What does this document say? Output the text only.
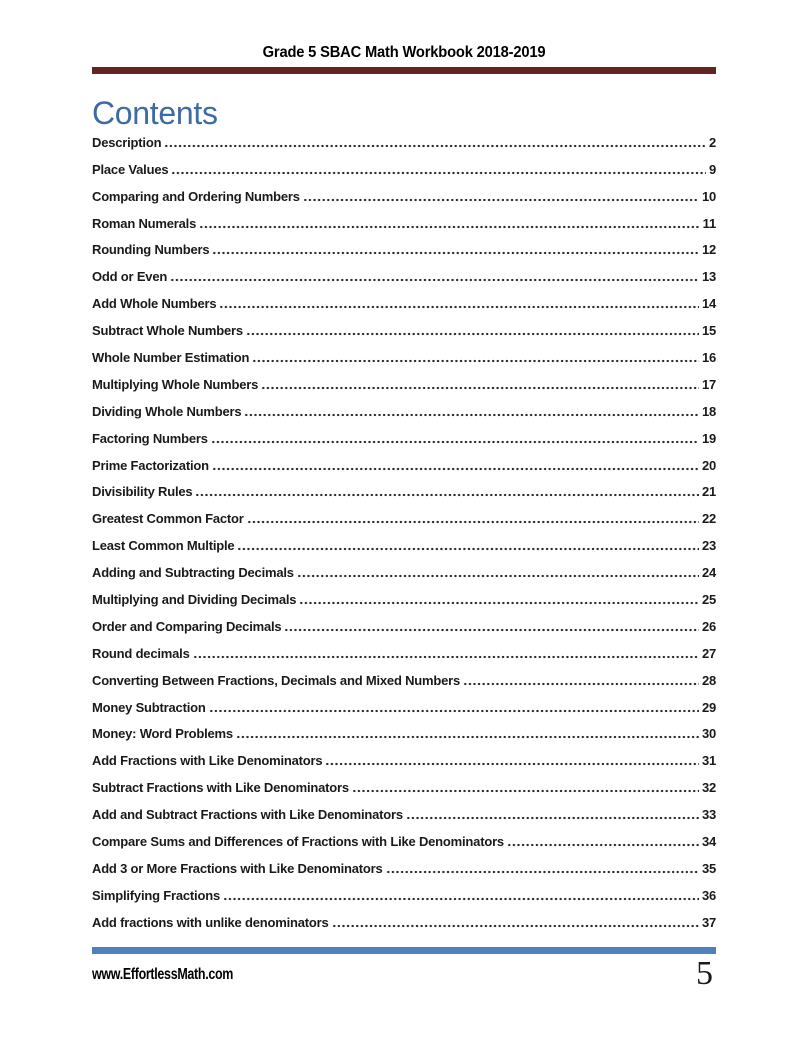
Grade 5 SBAC Math Workbook 2018-2019
Contents
Description	2
Place Values	9
Comparing and Ordering Numbers	10
Roman Numerals	11
Rounding Numbers	12
Odd or Even	13
Add Whole Numbers	14
Subtract Whole Numbers	15
Whole Number Estimation	16
Multiplying Whole Numbers	17
Dividing Whole Numbers	18
Factoring Numbers	19
Prime Factorization	20
Divisibility Rules	21
Greatest Common Factor	22
Least Common Multiple	23
Adding and Subtracting Decimals	24
Multiplying and Dividing Decimals	25
Order and Comparing Decimals	26
Round decimals	27
Converting Between Fractions, Decimals and Mixed Numbers	28
Money Subtraction	29
Money: Word Problems	30
Add Fractions with Like Denominators	31
Subtract Fractions with Like Denominators	32
Add and Subtract Fractions with Like Denominators	33
Compare Sums and Differences of Fractions with Like Denominators	34
Add 3 or More Fractions with Like Denominators	35
Simplifying Fractions	36
Add fractions with unlike denominators	37
www.EffortlessMath.com	5
